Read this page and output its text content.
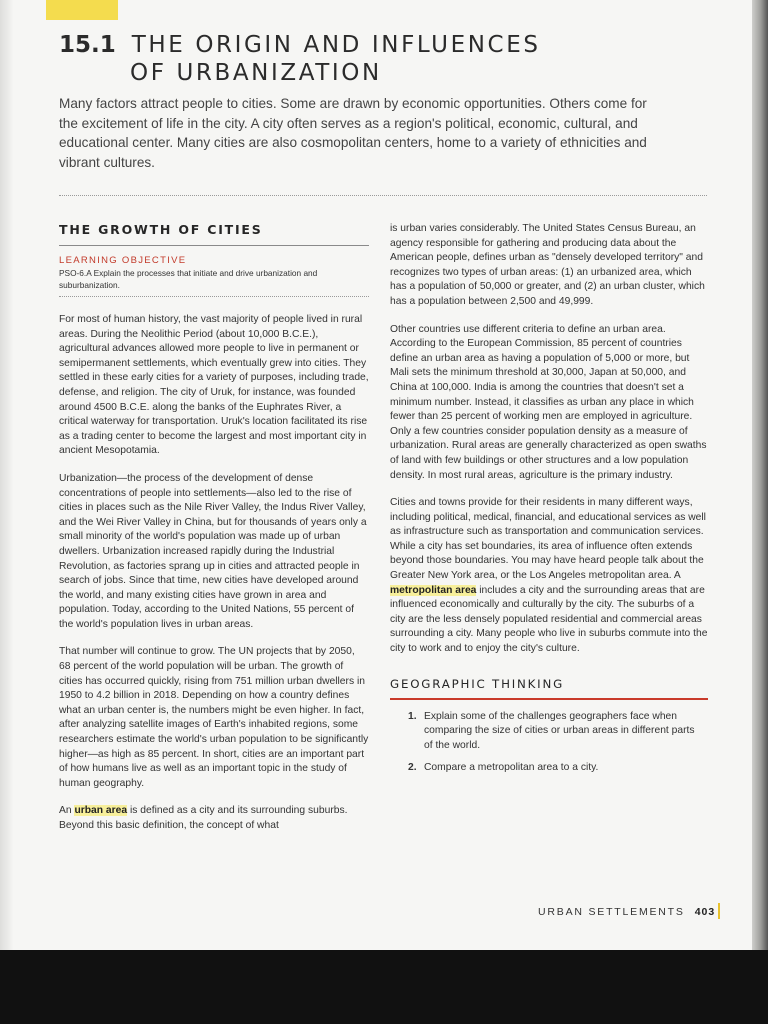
15.1 THE ORIGIN AND INFLUENCES
OF URBANIZATION

Many factors attract people to cities. Some are drawn by economic opportunities. Others come for the excitement of life in the city. A city often serves as a region's political, economic, cultural, and educational center. Many cities are also cosmopolitan centers, home to a variety of ethnicities and vibrant cultures.

THE GROWTH OF CITIES
LEARNING OBJECTIVE
PSO-6.A Explain the processes that initiate and drive urbanization and suburbanization.

For most of human history, the vast majority of people lived in rural areas. During the Neolithic Period (about 10,000 B.C.E.), agricultural advances allowed more people to live in permanent or semipermanent settlements, which eventually grew into cities. They settled in these early cities for a variety of purposes, including trade, defense, and religion. The city of Uruk, for instance, was founded around 4500 B.C.E. along the banks of the Euphrates River, a critical waterway for transportation. Uruk's location facilitated its rise as a trading center to become the largest and most important city in ancient Mesopotamia.

Urbanization—the process of the development of dense concentrations of people into settlements—also led to the rise of cities in places such as the Nile River Valley, the Indus River Valley, and the Wei River Valley in China, but for thousands of years only a small minority of the world's population was made up of urban dwellers. Urbanization increased rapidly during the Industrial Revolution, as factories sprang up in cities and attracted people in search of jobs. Since that time, new cities have developed around the world, and many existing cities have grown in area and population. Today, according to the United Nations, 55 percent of the world's population lives in urban areas.

That number will continue to grow. The UN projects that by 2050, 68 percent of the world population will be urban. The growth of cities has occurred quickly, rising from 751 million urban dwellers in 1950 to 4.2 billion in 2018. Depending on how a country defines what an urban center is, the numbers might be even higher. In fact, after analyzing satellite images of Earth's inhabited regions, some researchers estimate the world's urban population to be significantly higher—as high as 85 percent. In short, cities are an important part of how humans live as well as an important topic in the study of human geography.

An urban area is defined as a city and its surrounding suburbs. Beyond this basic definition, the concept of what

is urban varies considerably. The United States Census Bureau, an agency responsible for gathering and producing data about the American people, defines urban as "densely developed territory" and recognizes two types of urban areas: (1) an urbanized area, which has a population of 50,000 or greater, and (2) an urban cluster, which has a population between 2,500 and 49,999.

Other countries use different criteria to define an urban area. According to the European Commission, 85 percent of countries define an urban area as having a population of 5,000 or more, but Mali sets the minimum threshold at 30,000, Japan at 50,000, and China at 100,000. India is among the countries that doesn't set a minimum number. Instead, it classifies as urban any place in which fewer than 25 percent of working men are employed in agriculture. Only a few countries consider population density as a measure of urbanization. Rural areas are generally characterized as open swaths of land with few buildings or other structures and a low population density. In most rural areas, agriculture is the primary industry.

Cities and towns provide for their residents in many different ways, including political, medical, financial, and educational services as well as infrastructure such as transportation and communication services. While a city has set boundaries, its area of influence often extends beyond those boundaries. You may have heard people talk about the Greater New York area, or the Los Angeles metropolitan area. A metropolitan area includes a city and the surrounding areas that are influenced economically and culturally by the city. The suburbs of a city are the less densely populated residential and commercial areas surrounding a city. Many people who live in suburbs commute into the city to work and to enjoy the city's culture.

GEOGRAPHIC THINKING
1. Explain some of the challenges geographers face when comparing the size of cities or urban areas in different parts of the world.
2. Compare a metropolitan area to a city.
URBAN SETTLEMENTS 403
